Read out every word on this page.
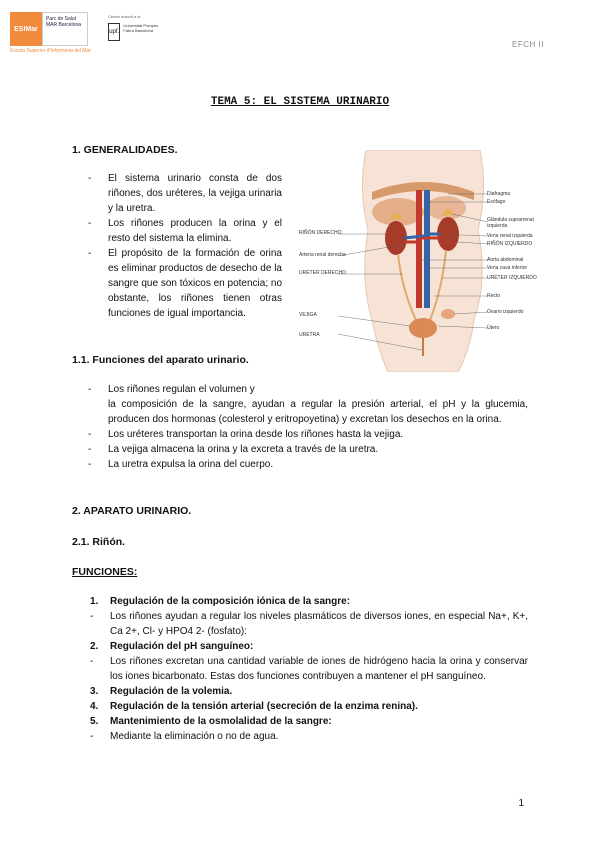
ESIMar
Parc de Salut MAR Barcelona
Escola Superior d'Infermeria del Mar
Centre adscrit a la
upf.
Universitat Pompeu Fabra Barcelona
EFCH II
TEMA 5: EL SISTEMA URINARIO
1. GENERALIDADES.
- El sistema urinario consta de dos riñones, dos uréteres, la vejiga urinaria y la uretra.
- Los riñones producen la orina y el resto del sistema la elimina.
- El propósito de la formación de orina es eliminar productos de desecho de la sangre que son tóxicos en potencia; no obstante, los riñones tienen otras funciones de igual importancia.
RIÑÓN DERECHO
Arteria renal derecha
URÉTER DERECHO
VEJIGA
URETRA
Diafragma
Esófago
Glándula suprarrenal izquierda
Vena renal izquierda
RIÑÓN IZQUIERDO
Aorta abdominal
Vena cava inferior
URÉTER IZQUIERDO
Recto
Ovario izquierdo
Útero
1.1. Funciones del aparato urinario.
- Los riñones regulan el volumen y
la composición de la sangre, ayudan a regular la presión arterial, el pH y la glucemia, producen dos hormonas (colesterol y eritropoyetina) y excretan los desechos en la orina.
- Los uréteres transportan la orina desde los riñones hasta la vejiga.
- La vejiga almacena la orina y la excreta a través de la uretra.
- La uretra expulsa la orina del cuerpo.
2. APARATO URINARIO.
2.1. Riñón.
FUNCIONES:
1. Regulación de la composición iónica de la sangre:
- Los riñones ayudan a regular los niveles plasmáticos de diversos iones, en especial Na+, K+, Ca 2+, Cl- y HPO4 2- (fosfato):
2. Regulación del pH sanguíneo:
- Los riñones excretan una cantidad variable de iones de hidrógeno hacia la orina y conservar los iones bicarbonato. Estas dos funciones contribuyen a mantener el pH sanguíneo.
3. Regulación de la volemia.
4. Regulación de la tensión arterial (secreción de la enzima renina).
5. Mantenimiento de la osmolalidad de la sangre:
- Mediante la eliminación o no de agua.
1
